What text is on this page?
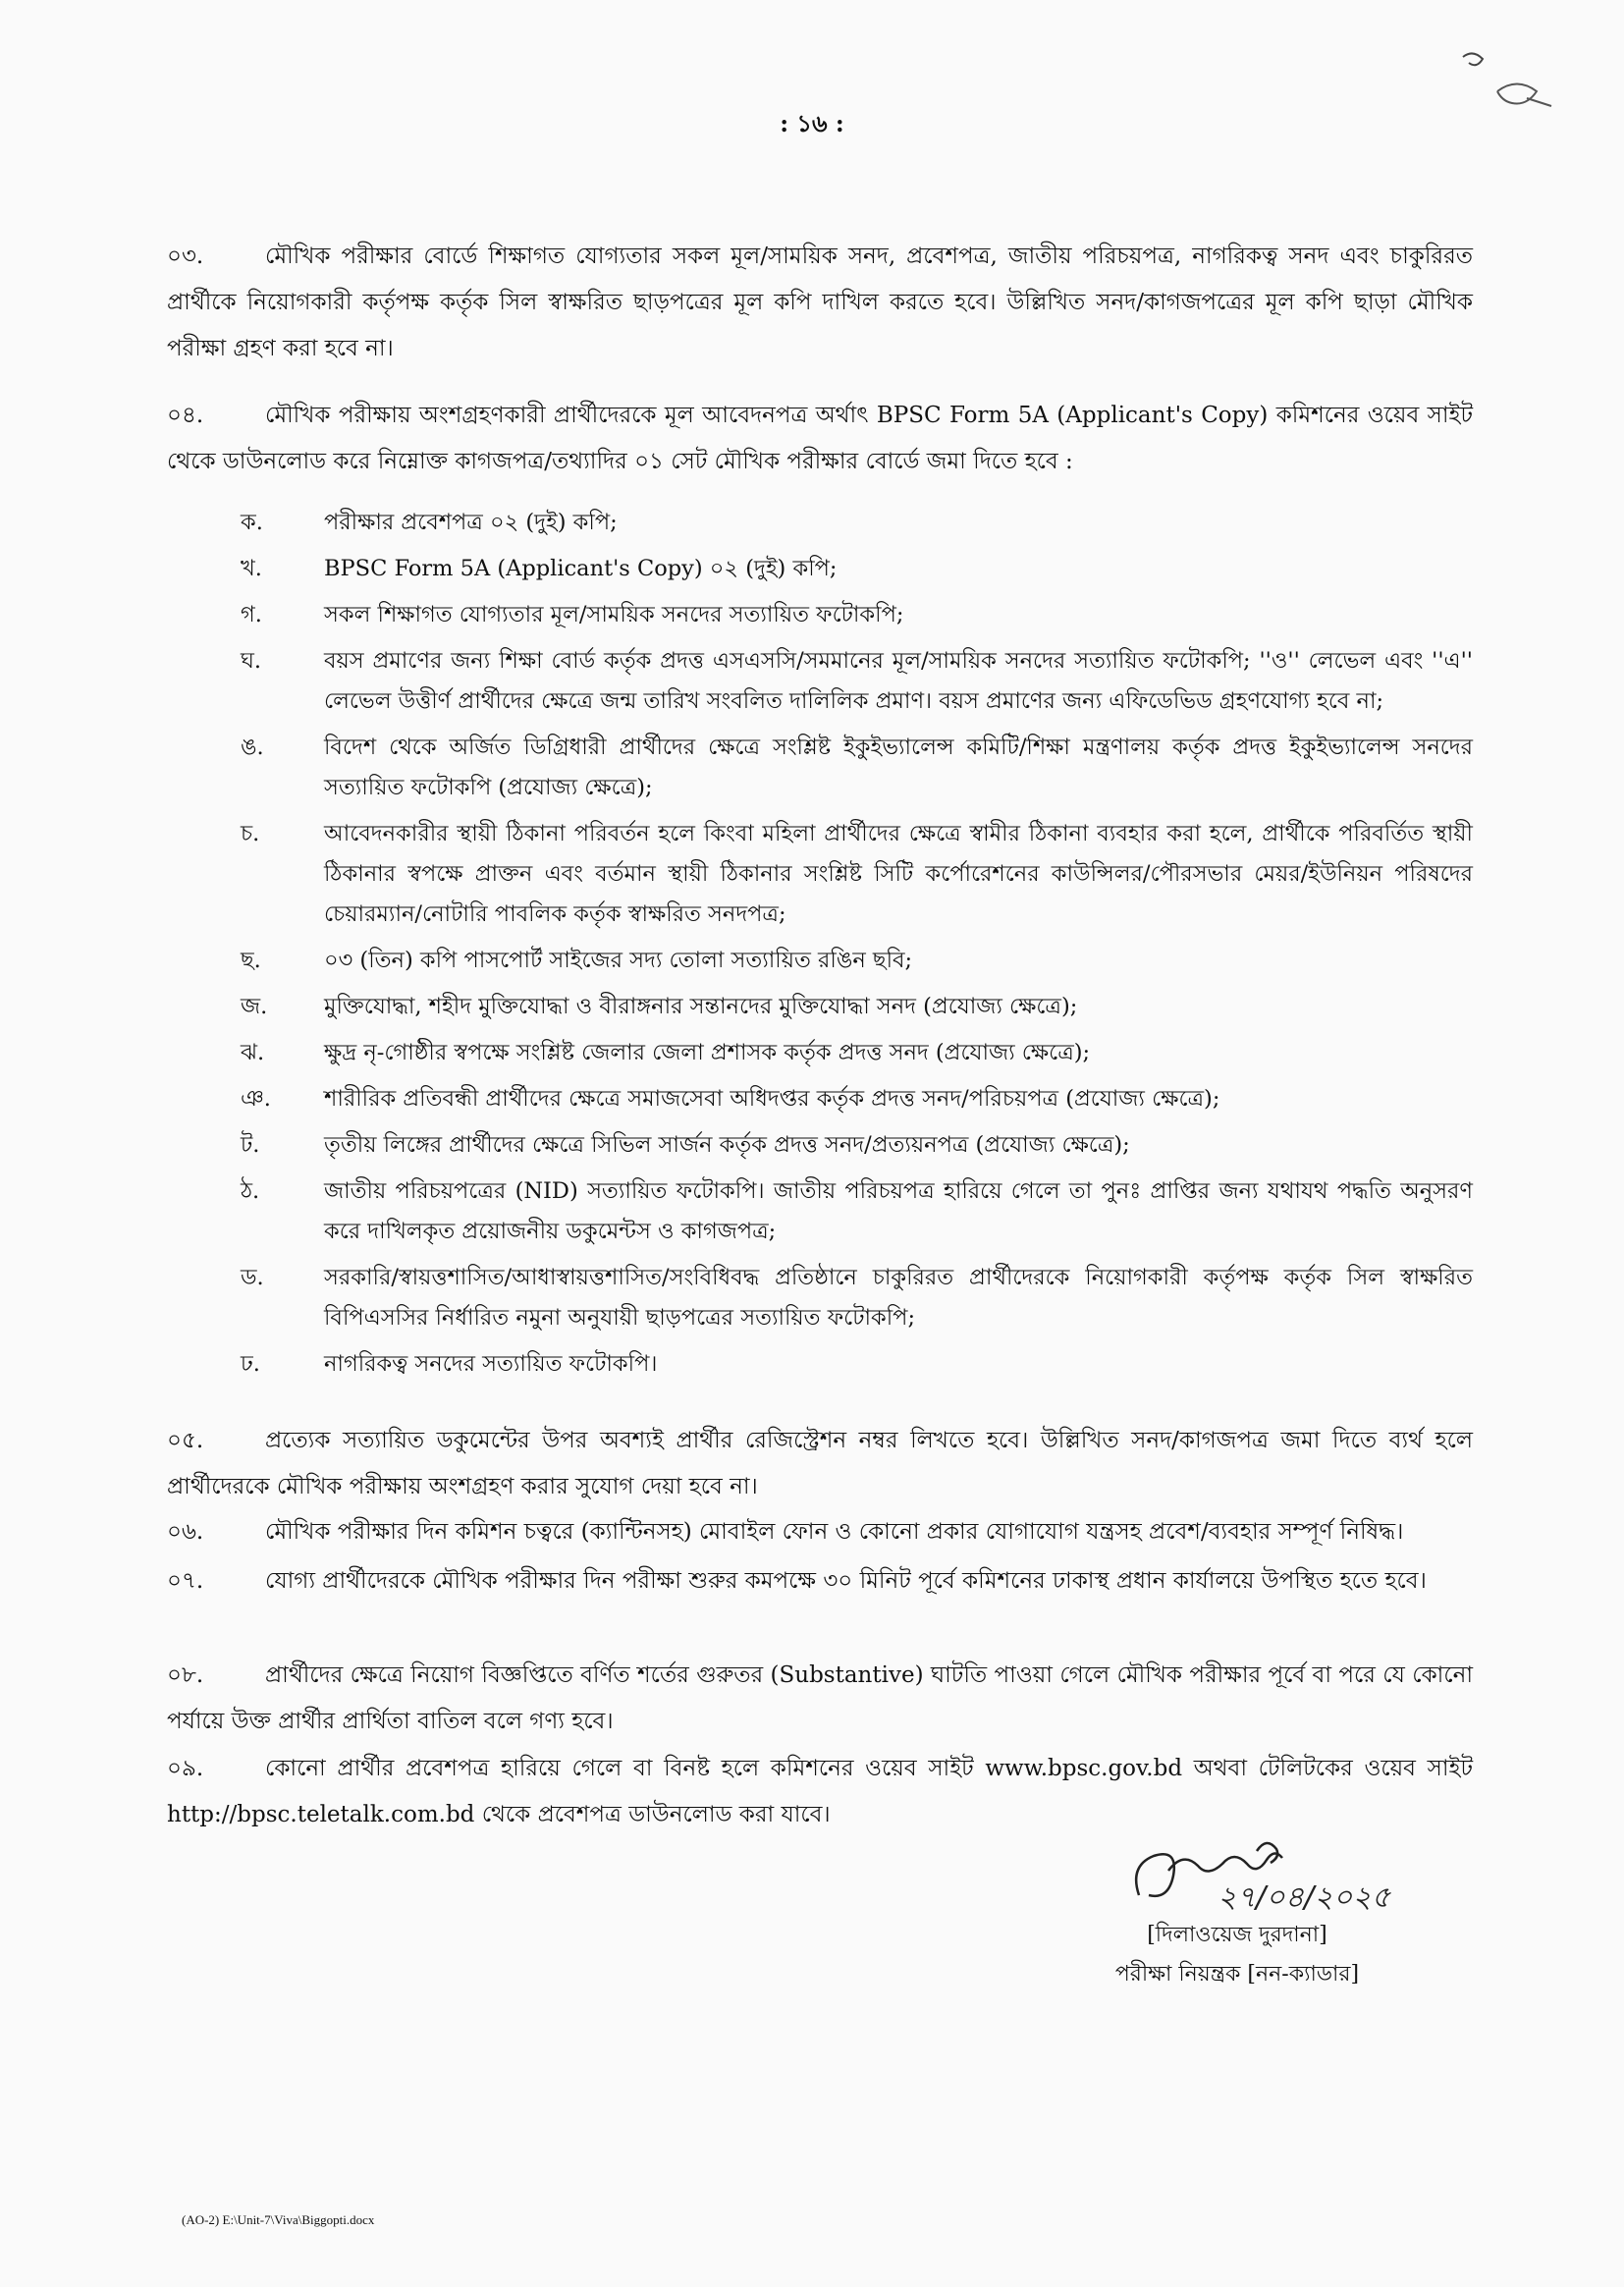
: ১৬ :
০৩.	মৌখিক পরীক্ষার বোর্ডে শিক্ষাগত যোগ্যতার সকল মূল/সাময়িক সনদ, প্রবেশপত্র, জাতীয় পরিচয়পত্র, নাগরিকত্ব সনদ এবং চাকুরিরত প্রার্থীকে নিয়োগকারী কর্তৃপক্ষ কর্তৃক সিল স্বাক্ষরিত ছাড়পত্রের মূল কপি দাখিল করতে হবে। উল্লিখিত সনদ/কাগজপত্রের মূল কপি ছাড়া মৌখিক পরীক্ষা গ্রহণ করা হবে না।
০৪.	মৌখিক পরীক্ষায় অংশগ্রহণকারী প্রার্থীদেরকে মূল আবেদনপত্র অর্থাৎ BPSC Form 5A (Applicant's Copy) কমিশনের ওয়েব সাইট থেকে ডাউনলোড করে নিম্নোক্ত কাগজপত্র/তথ্যাদির ০১ সেট মৌখিক পরীক্ষার বোর্ডে জমা দিতে হবে :
ক.	পরীক্ষার প্রবেশপত্র ০২ (দুই) কপি;
খ.	BPSC Form 5A (Applicant's Copy) ০২ (দুই) কপি;
গ.	সকল শিক্ষাগত যোগ্যতার মূল/সাময়িক সনদের সত্যায়িত ফটোকপি;
ঘ.	বয়স প্রমাণের জন্য শিক্ষা বোর্ড কর্তৃক প্রদত্ত এসএসসি/সমমানের মূল/সাময়িক সনদের সত্যায়িত ফটোকপি; ''ও'' লেভেল এবং ''এ'' লেভেল উত্তীর্ণ প্রার্থীদের ক্ষেত্রে জন্ম তারিখ সংবলিত দালিলিক প্রমাণ। বয়স প্রমাণের জন্য এফিডেভিড গ্রহণযোগ্য হবে না;
ঙ.	বিদেশ থেকে অর্জিত ডিগ্রিধারী প্রার্থীদের ক্ষেত্রে সংশ্লিষ্ট ইকুইভ্যালেন্স কমিটি/শিক্ষা মন্ত্রণালয় কর্তৃক প্রদত্ত ইকুইভ্যালেন্স সনদের সত্যায়িত ফটোকপি (প্রযোজ্য ক্ষেত্রে);
চ.	আবেদনকারীর স্থায়ী ঠিকানা পরিবর্তন হলে কিংবা মহিলা প্রার্থীদের ক্ষেত্রে স্বামীর ঠিকানা ব্যবহার করা হলে, প্রার্থীকে পরিবর্তিত স্থায়ী ঠিকানার স্বপক্ষে প্রাক্তন এবং বর্তমান স্থায়ী ঠিকানার সংশ্লিষ্ট সিটি কর্পোরেশনের কাউন্সিলর/পৌরসভার মেয়র/ইউনিয়ন পরিষদের চেয়ারম্যান/নোটারি পাবলিক কর্তৃক স্বাক্ষরিত সনদপত্র;
ছ.	০৩ (তিন) কপি পাসপোর্ট সাইজের সদ্য তোলা সত্যায়িত রঙিন ছবি;
জ.	মুক্তিযোদ্ধা, শহীদ মুক্তিযোদ্ধা ও বীরাঙ্গনার সন্তানদের মুক্তিযোদ্ধা সনদ (প্রযোজ্য ক্ষেত্রে);
ঝ.	ক্ষুদ্র নৃ-গোষ্ঠীর স্বপক্ষে সংশ্লিষ্ট জেলার জেলা প্রশাসক কর্তৃক প্রদত্ত সনদ (প্রযোজ্য ক্ষেত্রে);
ঞ.	শারীরিক প্রতিবন্ধী প্রার্থীদের ক্ষেত্রে সমাজসেবা অধিদপ্তর কর্তৃক প্রদত্ত সনদ/পরিচয়পত্র (প্রযোজ্য ক্ষেত্রে);
ট.	তৃতীয় লিঙ্গের প্রার্থীদের ক্ষেত্রে সিভিল সার্জন কর্তৃক প্রদত্ত সনদ/প্রত্যয়নপত্র (প্রযোজ্য ক্ষেত্রে);
ঠ.	জাতীয় পরিচয়পত্রের (NID) সত্যায়িত ফটোকপি। জাতীয় পরিচয়পত্র হারিয়ে গেলে তা পুনঃ প্রাপ্তির জন্য যথাযথ পদ্ধতি অনুসরণ করে দাখিলকৃত প্রয়োজনীয় ডকুমেন্টস ও কাগজপত্র;
ড.	সরকারি/স্বায়ত্তশাসিত/আধাস্বায়ত্তশাসিত/সংবিধিবদ্ধ প্রতিষ্ঠানে চাকুরিরত প্রার্থীদেরকে নিয়োগকারী কর্তৃপক্ষ কর্তৃক সিল স্বাক্ষরিত বিপিএসসির নির্ধারিত নমুনা অনুযায়ী ছাড়পত্রের সত্যায়িত ফটোকপি;
ঢ.	নাগরিকত্ব সনদের সত্যায়িত ফটোকপি।
০৫.	প্রত্যেক সত্যায়িত ডকুমেন্টের উপর অবশ্যই প্রার্থীর রেজিস্ট্রেশন নম্বর লিখতে হবে। উল্লিখিত সনদ/কাগজপত্র জমা দিতে ব্যর্থ হলে প্রার্থীদেরকে মৌখিক পরীক্ষায় অংশগ্রহণ করার সুযোগ দেয়া হবে না।
০৬.	মৌখিক পরীক্ষার দিন কমিশন চত্বরে (ক্যান্টিনসহ) মোবাইল ফোন ও কোনো প্রকার যোগাযোগ যন্ত্রসহ প্রবেশ/ব্যবহার সম্পূর্ণ নিষিদ্ধ।
০৭.	যোগ্য প্রার্থীদেরকে মৌখিক পরীক্ষার দিন পরীক্ষা শুরুর কমপক্ষে ৩০ মিনিট পূর্বে কমিশনের ঢাকাস্থ প্রধান কার্যালয়ে উপস্থিত হতে হবে।
০৮.	প্রার্থীদের ক্ষেত্রে নিয়োগ বিজ্ঞপ্তিতে বর্ণিত শর্তের গুরুতর (Substantive) ঘাটতি পাওয়া গেলে মৌখিক পরীক্ষার পূর্বে বা পরে যে কোনো পর্যায়ে উক্ত প্রার্থীর প্রার্থিতা বাতিল বলে গণ্য হবে।
০৯.	কোনো প্রার্থীর প্রবেশপত্র হারিয়ে গেলে বা বিনষ্ট হলে কমিশনের ওয়েব সাইট www.bpsc.gov.bd অথবা টেলিটকের ওয়েব সাইট http://bpsc.teletalk.com.bd থেকে প্রবেশপত্র ডাউনলোড করা যাবে।
২৭/০৪/২০২৫
[দিলাওয়েজ দুরদানা]
পরীক্ষা নিয়ন্ত্রক [নন-ক্যাডার]
(AO-2) E:\Unit-7\Viva\Biggopti.docx
